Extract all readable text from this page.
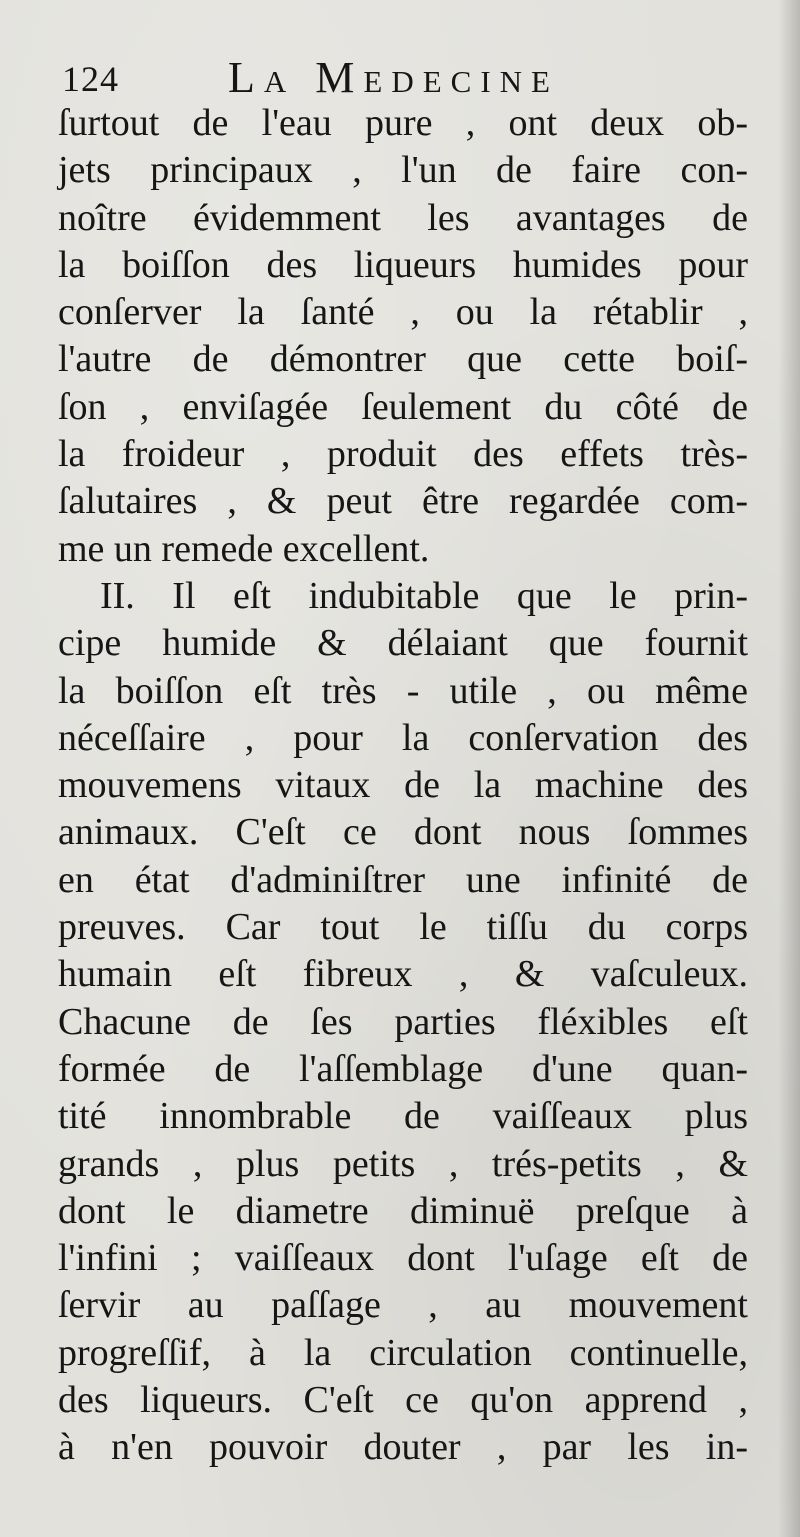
124 La Medecine
ſurtout de l'eau pure , ont deux ob-
jets principaux , l'un de faire con-
noître évidemment les avantages de
la boiſſon des liqueurs humides pour
conſerver la ſanté , ou la rétablir ,
l'autre de démontrer que cette boiſ-
ſon , enviſagée ſeulement du côté de
la froideur , produit des effets très-
ſalutaires , & peut être regardée com-
me un remede excellent.
II. Il eſt indubitable que le prin-
cipe humide & délaiant que fournit
la boiſſon eſt très - utile , ou même
néceſſaire , pour la conſervation des
mouvemens vitaux de la machine des
animaux. C'eſt ce dont nous ſommes
en état d'adminiſtrer une infinité de
preuves. Car tout le tiſſu du corps
humain eſt fibreux , & vaſculeux.
Chacune de ſes parties fléxibles eſt
formée de l'aſſemblage d'une quan-
tité innombrable de vaiſſeaux plus
grands , plus petits , trés-petits , &
dont le diametre diminuë preſque à
l'infini ; vaiſſeaux dont l'uſage eſt de
ſervir au paſſage , au mouvement
progreſſif, à la circulation continuelle,
des liqueurs. C'eſt ce qu'on apprend ,
à n'en pouvoir douter , par les in-
